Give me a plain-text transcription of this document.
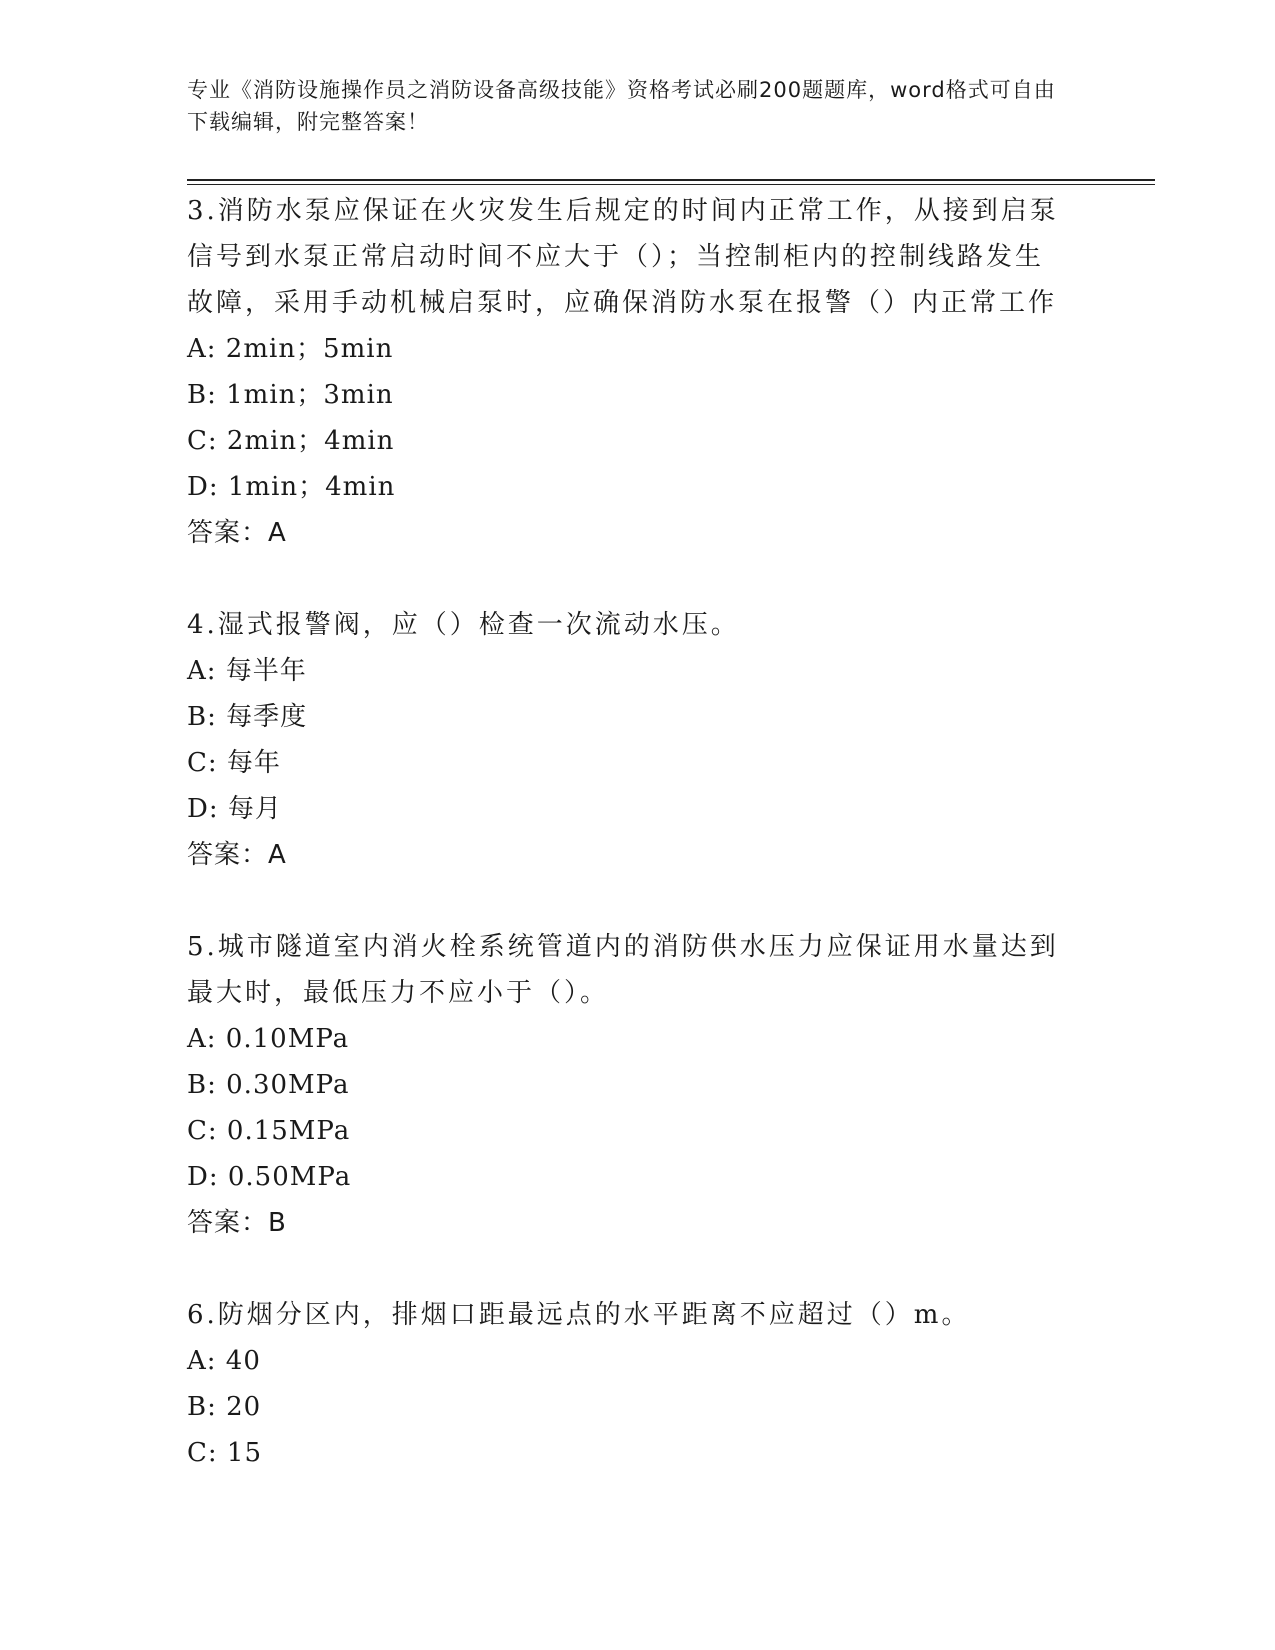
专业《消防设施操作员之消防设备高级技能》资格考试必刷200题题库，word格式可自由下载编辑，附完整答案！

3.消防水泵应保证在火灾发生后规定的时间内正常工作，从接到启泵信号到水泵正常启动时间不应大于（）；当控制柜内的控制线路发生故障，采用手动机械启泵时，应确保消防水泵在报警（）内正常工作

A: 2min；5min

B: 1min；3min

C: 2min；4min

D: 1min；4min

答案：A

4.湿式报警阀，应（）检查一次流动水压。

A: 每半年

B: 每季度

C: 每年

D: 每月

答案：A

5.城市隧道室内消火栓系统管道内的消防供水压力应保证用水量达到最大时，最低压力不应小于（）。

A: 0.10MPa

B: 0.30MPa

C: 0.15MPa

D: 0.50MPa

答案：B

6.防烟分区内，排烟口距最远点的水平距离不应超过（）m。

A: 40

B: 20

C: 15
